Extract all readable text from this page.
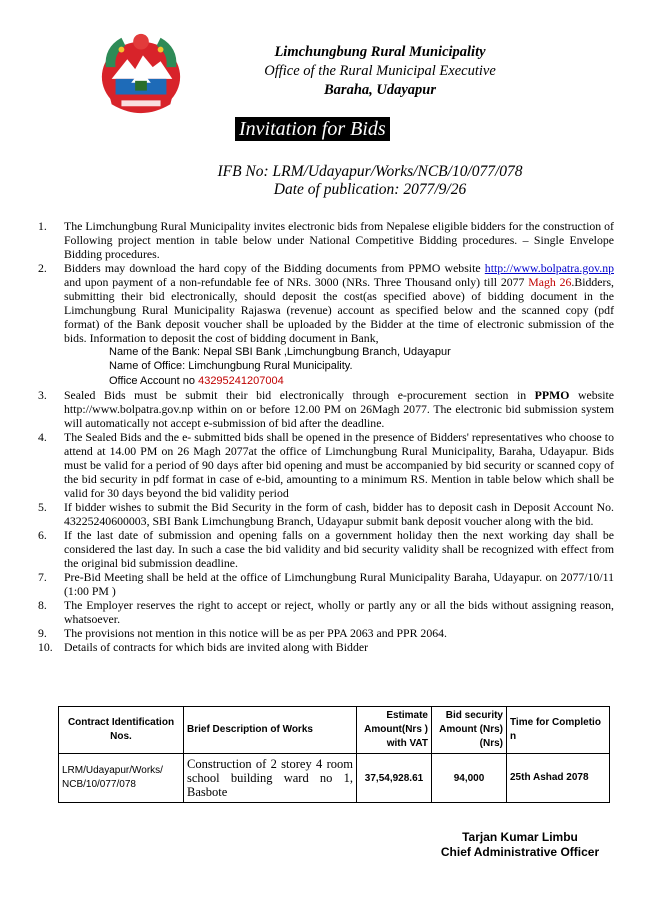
Limchungbung Rural Municipality
Office of the Rural Municipal Executive
Baraha, Udayapur
Invitation for Bids
IFB No: LRM/Udayapur/Works/NCB/10/077/078
Date of publication: 2077/9/26
1.	The Limchungbung Rural Municipality invites electronic bids from Nepalese eligible bidders for the construction of Following project mention in table below under National Competitive Bidding procedures. – Single Envelope Bidding procedures.
2.	Bidders may download the hard copy of the Bidding documents from PPMO website http://www.bolpatra.gov.np and upon payment of a non-refundable fee of NRs. 3000 (NRs. Three Thousand only) till 2077 Magh 26.Bidders, submitting their bid electronically, should deposit the cost(as specified above) of bidding document in the Limchungbung Rural Municipality Rajaswa (revenue) account as specified below and the scanned copy (pdf format) of the Bank deposit voucher shall be uploaded by the Bidder at the time of electronic submission of the bids. Information to deposit the cost of bidding document in Bank,
Name of the Bank: Nepal SBI Bank ,Limchungbung Branch, Udayapur
Name of Office: Limchungbung Rural Municipality.
Office Account no 43295241207004
3.	Sealed Bids must be submit their bid electronically through e-procurement section in PPMO website http://www.bolpatra.gov.np within on or before 12.00 PM on 26Magh 2077. The electronic bid submission system will automatically not accept e-submission of bid after the deadline.
4.	The Sealed Bids and the e- submitted bids shall be opened in the presence of Bidders' representatives who choose to attend at 14.00 PM on 26 Magh 2077at the office of Limchungbung Rural Municipality, Baraha, Udayapur. Bids must be valid for a period of 90 days after bid opening and must be accompanied by bid security or scanned copy of the bid security in pdf format in case of e-bid, amounting to a minimum RS. Mention in table below which shall be valid for 30 days beyond the bid validity period
5.	If bidder wishes to submit the Bid Security in the form of cash, bidder has to deposit cash in Deposit Account No. 43225240600003, SBI Bank Limchungbung Branch, Udayapur submit bank deposit voucher along with the bid.
6.	If the last date of submission and opening falls on a government holiday then the next working day shall be considered the last day. In such a case the bid validity and bid security validity shall be recognized with effect from the original bid submission deadline.
7.	Pre-Bid Meeting shall be held at the office of Limchungbung Rural Municipality Baraha, Udayapur. on 2077/10/11 (1:00 PM )
8.	The Employer reserves the right to accept or reject, wholly or partly any or all the bids without assigning reason, whatsoever.
9.	The provisions not mention in this notice will be as per PPA 2063 and PPR 2064.
10. Details of contracts for which bids are invited along with Bidder
Contract Identification Nos.	Brief Description of Works	Estimate Amount(Nrs ) with VAT	Bid security Amount (Nrs) (Nrs)	Time for Completio n
LRM/Udayapur/Works/ NCB/10/077/078	Construction of 2 storey 4 room school building ward no 1, Basbote	37,54,928.61	94,000	25th Ashad 2078
Tarjan Kumar Limbu
Chief Administrative Officer
